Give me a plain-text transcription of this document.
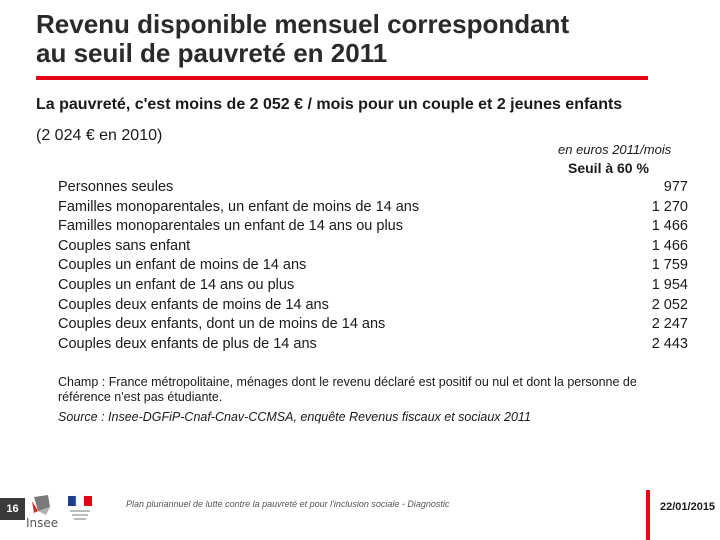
Revenu disponible mensuel correspondant
au seuil de pauvreté en 2011
La pauvreté, c'est moins de 2 052 € / mois pour un couple et 2 jeunes enfants
(2 024 € en 2010)
en euros 2011/mois
Seuil à 60 %
Personnes seules	977
Familles monoparentales, un enfant de moins de 14 ans	1 270
Familles monoparentales un enfant de 14 ans ou plus	1 466
Couples sans enfant	1 466
Couples un enfant de moins de 14 ans	1 759
Couples un enfant de 14 ans ou plus	1 954
Couples deux enfants de moins de 14 ans	2 052
Couples deux enfants, dont un de moins de 14 ans	2 247
Couples deux enfants de plus de 14 ans	2 443
Champ : France métropolitaine, ménages dont le revenu déclaré est positif ou nul et dont la personne de référence n'est pas étudiante.
Source : Insee-DGFiP-Cnaf-Cnav-CCMSA, enquête Revenus fiscaux et sociaux 2011
16
Insee
Plan pluriannuel de lutte contre la pauvreté et pour l'inclusion sociale - Diagnostic	22/01/2015
